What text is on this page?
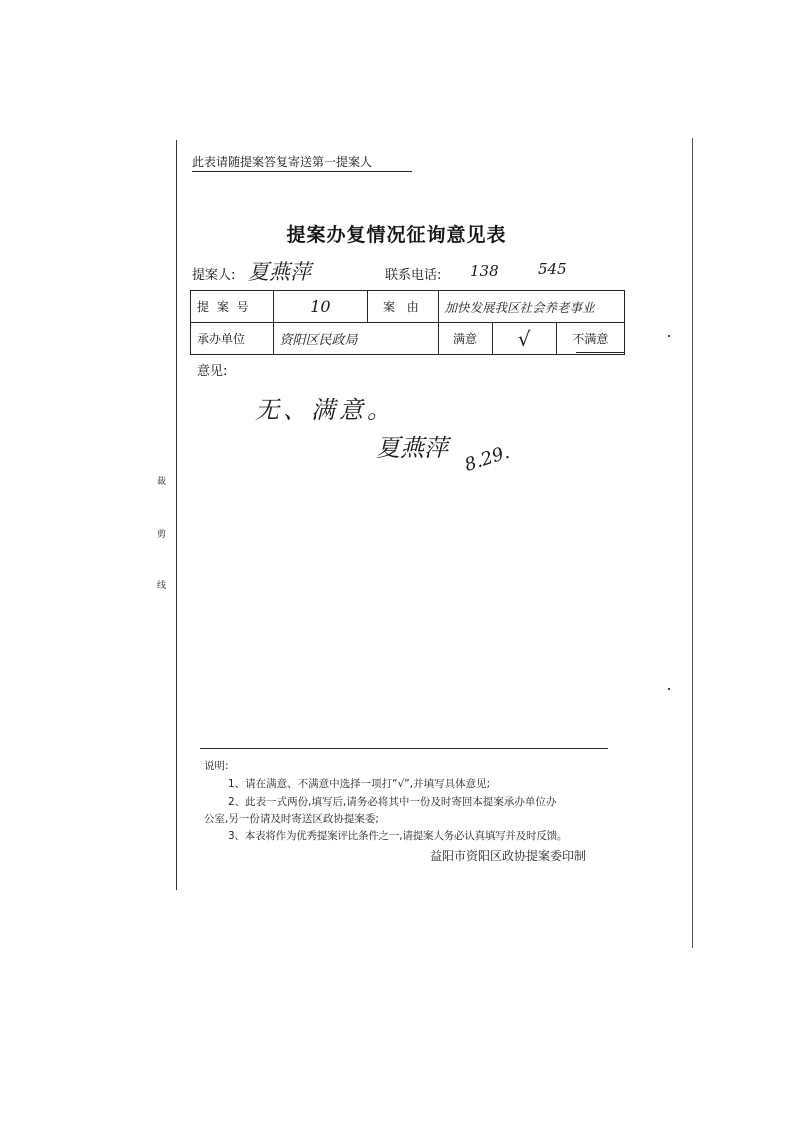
此表请随提案答复寄送第一提案人
提案办复情况征询意见表
提案人: 夏燕萍	联系电话: 138	545
提 案 号	10	案 由	加快发展我区社会养老事业		
承办单位	资阳区民政局		满意	√	不满意
意见:
无、满意。
夏燕萍 8.29.
裁
剪
线
说明:
1、请在满意、不满意中选择一项打“√”,并填写具体意见;
2、此表一式两份,填写后,请务必将其中一份及时寄回本提案承办单位办
公室,另一份请及时寄送区政协提案委;
3、本表将作为优秀提案评比条件之一,请提案人务必认真填写并及时反馈。
益阳市资阳区政协提案委印制
